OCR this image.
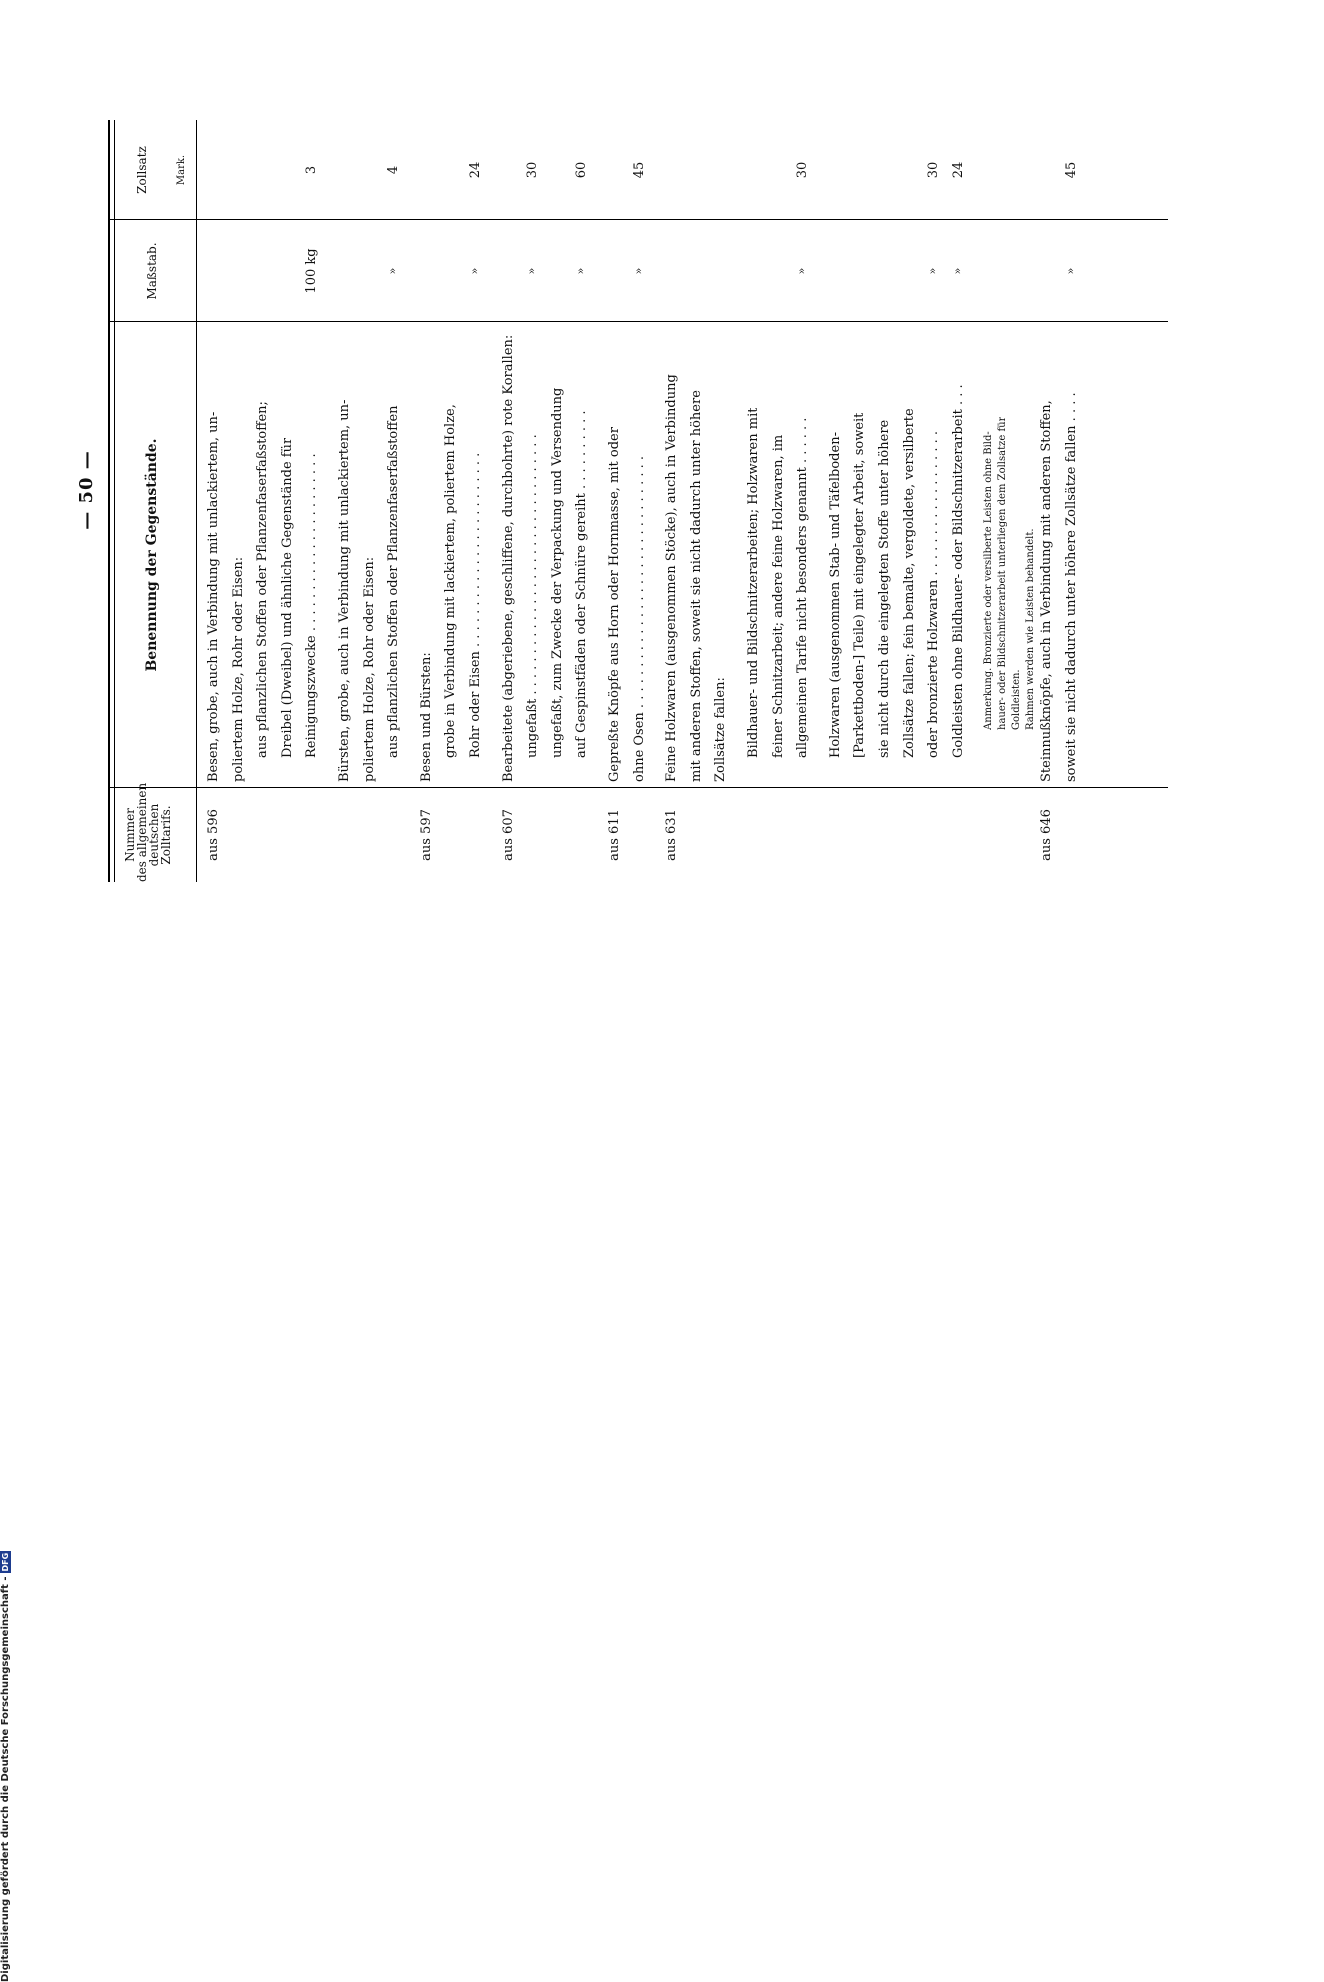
— 50 —
Nummer
des allgemeinen
deutschen
Zolltarifs.
Benennung der Gegenstände.
Maßstab.
Zollsatz	Mark.
aus 596
Besen, grobe, auch in Verbindung mit unlackiertem, un- poliertem Holze, Rohr oder Eisen: aus pflanzlichen Stoffen oder Pflanzenfaserfaßstoffen; Dreibel (Dweibel) und ähnliche Gegenstände für Reinigungszwecke . . . . . . . . . . . . . . . . . . . . . .
100 kg
3
Bürsten, grobe, auch in Verbindung mit unlackiertem, un- poliertem Holze, Rohr oder Eisen: aus pflanzlichen Stoffen oder Pflanzenfaserfaßstoffen
»
4
aus 597
Besen und Bürsten: grobe in Verbindung mit lackiertem, poliertem Holze, Rohr oder Eisen . . . . . . . . . . . . . . . . . . . . . . . .
»
24
aus 607
Bearbeitete (abgeriebene, geschliffene, durchbohrte) rote Korallen: ungefaßt . . . . . . . . . . . . . . . . . . . . . . . . . . . . . . . .
»
30
ungefaßt, zum Zwecke der Verpackung und Versendung auf Gespinstfäden oder Schnüre gereiht . . . . . . . . . .
»
60
aus 611
Gepreßte Knöpfe aus Horn oder Hornmasse, mit oder ohne Ösen . . . . . . . . . . . . . . . . . . . . . . . . . . . . . . .
»
45
aus 631
Feine Holzwaren (ausgenommen Stöcke), auch in Verbindung mit anderen Stoffen, soweit sie nicht dadurch unter höhere Zollsätze fallen: Bildhauer- und Bildschnitzerarbeiten; Holzwaren mit feiner Schnitzarbeit; andere feine Holzwaren, im allgemeinen Tarife nicht besonders genannt . . . . . .
»
30
Holzwaren (ausgenommen Stab- und Täfelboden- [Parkettboden-] Teile) mit eingelegter Arbeit, soweit sie nicht durch die eingelegten Stoffe unter höhere Zollsätze fallen; fein bemalte, vergoldete, versilberte oder bronzierte Holzwaren . . . . . . . . . . . . . . . . . .
»
30
Goldleisten ohne Bildhauer- oder Bildschnitzerarbeit . . .
»
24
Anmerkung. Bronzierte oder versilberte Leisten ohne Bild- hauer- oder Bildschnitzerarbeit unterliegen dem Zollsatze für Goldleisten. Rahmen werden wie Leisten behandelt.
aus 646
Steinnußknöpfe, auch in Verbindung mit anderen Stoffen, soweit sie nicht dadurch unter höhere Zollsätze fallen . . . .
»
45
Digitalisierung gefördert durch die Deutsche Forschungsgemeinschaft -DFG
